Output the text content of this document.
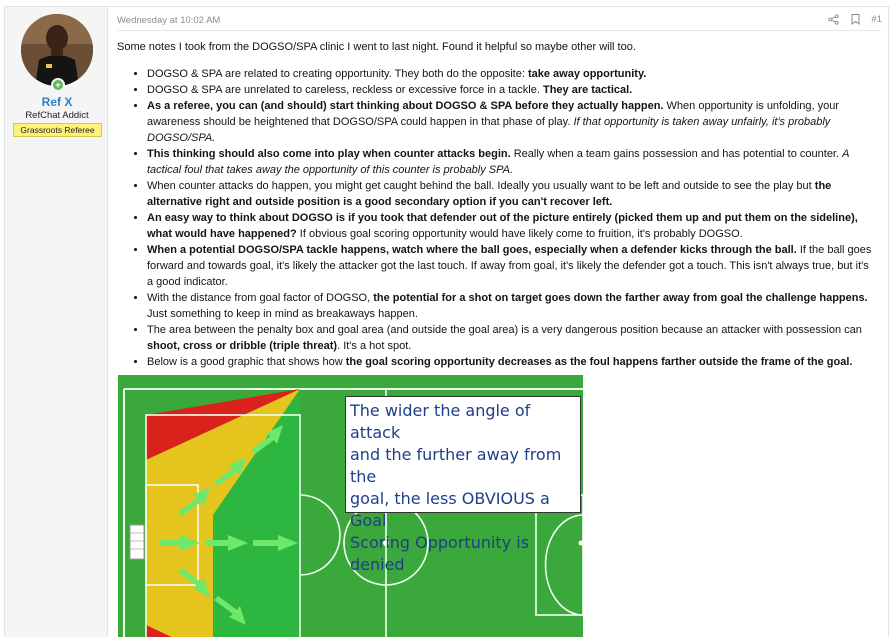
+
Ref X
RefChat Addict
Grassroots Referee
Wednesday at 10:02 AM	#1
Some notes I took from the DOGSO/SPA clinic I went to last night. Found it helpful so maybe other will too.
• DOGSO & SPA are related to creating opportunity. They both do the opposite: take away opportunity.
• DOGSO & SPA are unrelated to careless, reckless or excessive force in a tackle. They are tactical.
• As a referee, you can (and should) start thinking about DOGSO & SPA before they actually happen. When opportunity is unfolding, your awareness should be heightened that DOGSO/SPA could happen in that phase of play. If that opportunity is taken away unfairly, it's probably DOGSO/SPA.
• This thinking should also come into play when counter attacks begin. Really when a team gains possession and has potential to counter. A tactical foul that takes away the opportunity of this counter is probably SPA.
• When counter attacks do happen, you might get caught behind the ball. Ideally you usually want to be left and outside to see the play but the alternative right and outside position is a good secondary option if you can't recover left.
• An easy way to think about DOGSO is if you took that defender out of the picture entirely (picked them up and put them on the sideline), what would have happened? If obvious goal scoring opportunity would have likely come to fruition, it's probably DOGSO.
• When a potential DOGSO/SPA tackle happens, watch where the ball goes, especially when a defender kicks through the ball. If the ball goes forward and towards goal, it's likely the attacker got the last touch. If away from goal, it's likely the defender got a touch. This isn't always true, but it's a good indicator.
• With the distance from goal factor of DOGSO, the potential for a shot on target goes down the farther away from goal the challenge happens. Just something to keep in mind as breakaways happen.
• The area between the penalty box and goal area (and outside the goal area) is a very dangerous position because an attacker with possession can shoot, cross or dribble (triple threat). It's a hot spot.
• Below is a good graphic that shows how the goal scoring opportunity decreases as the foul happens farther outside the frame of the goal.
The wider the angle of attack
and the further away from the
goal, the less OBVIOUS a Goal
Scoring Opportunity is denied
